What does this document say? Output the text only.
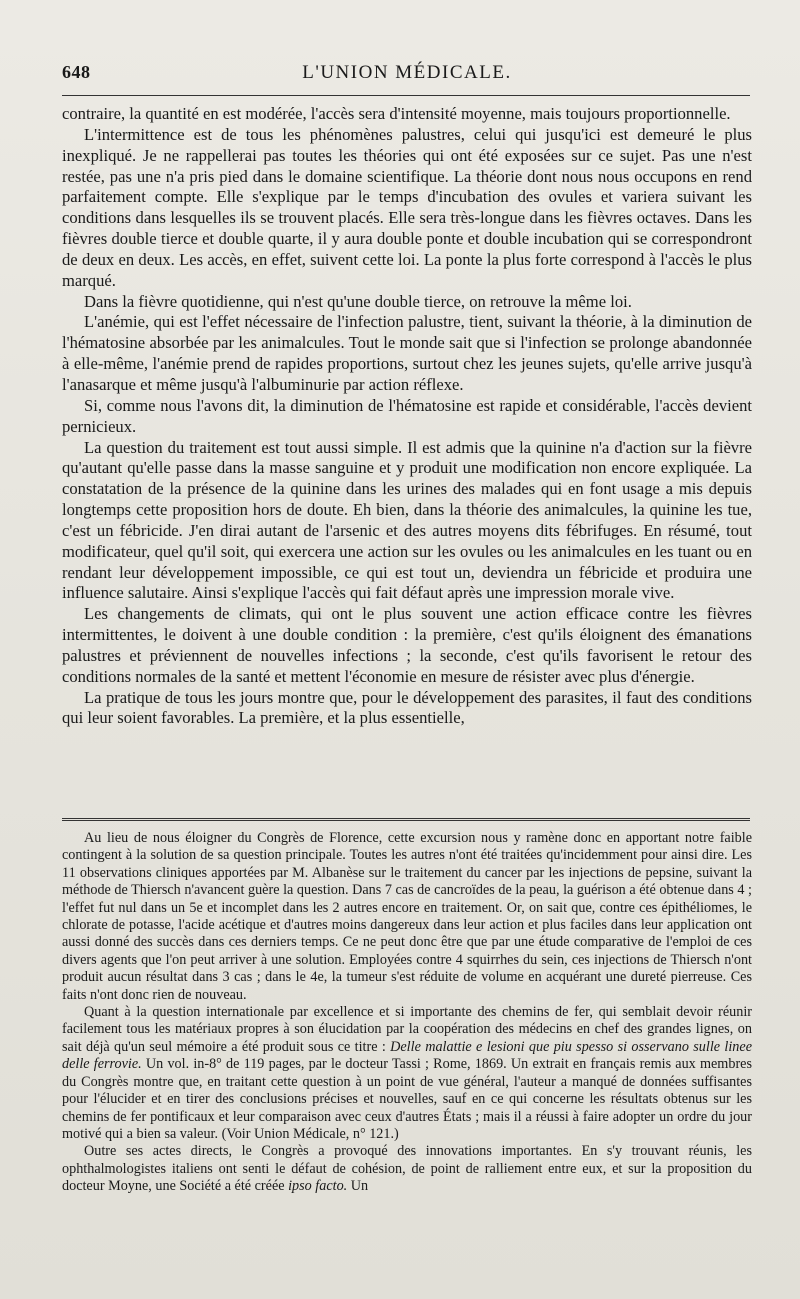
648	L'UNION MÉDICALE.

contraire, la quantité en est modérée, l'accès sera d'intensité moyenne, mais toujours proportionnelle.

L'intermittence est de tous les phénomènes palustres, celui qui jusqu'ici est demeuré le plus inexpliqué. Je ne rappellerai pas toutes les théories qui ont été exposées sur ce sujet. Pas une n'est restée, pas une n'a pris pied dans le domaine scientifique. La théorie dont nous nous occupons en rend parfaitement compte. Elle s'explique par le temps d'incubation des ovules et variera suivant les conditions dans lesquelles ils se trouvent placés. Elle sera très-longue dans les fièvres octaves. Dans les fièvres double tierce et double quarte, il y aura double ponte et double incubation qui se correspondront de deux en deux. Les accès, en effet, suivent cette loi. La ponte la plus forte correspond à l'accès le plus marqué.

Dans la fièvre quotidienne, qui n'est qu'une double tierce, on retrouve la même loi.

L'anémie, qui est l'effet nécessaire de l'infection palustre, tient, suivant la théorie, à la diminution de l'hématosine absorbée par les animalcules. Tout le monde sait que si l'infection se prolonge abandonnée à elle-même, l'anémie prend de rapides proportions, surtout chez les jeunes sujets, qu'elle arrive jusqu'à l'anasarque et même jusqu'à l'albuminurie par action réflexe.

Si, comme nous l'avons dit, la diminution de l'hématosine est rapide et considérable, l'accès devient pernicieux.

La question du traitement est tout aussi simple. Il est admis que la quinine n'a d'action sur la fièvre qu'autant qu'elle passe dans la masse sanguine et y produit une modification non encore expliquée. La constatation de la présence de la quinine dans les urines des malades qui en font usage a mis depuis longtemps cette proposition hors de doute. Eh bien, dans la théorie des animalcules, la quinine les tue, c'est un fébricide. J'en dirai autant de l'arsenic et des autres moyens dits fébrifuges. En résumé, tout modificateur, quel qu'il soit, qui exercera une action sur les ovules ou les animalcules en les tuant ou en rendant leur développement impossible, ce qui est tout un, deviendra un fébricide et produira une influence salutaire. Ainsi s'explique l'accès qui fait défaut après une impression morale vive.

Les changements de climats, qui ont le plus souvent une action efficace contre les fièvres intermittentes, le doivent à une double condition : la première, c'est qu'ils éloignent des émanations palustres et préviennent de nouvelles infections ; la seconde, c'est qu'ils favorisent le retour des conditions normales de la santé et mettent l'économie en mesure de résister avec plus d'énergie.

La pratique de tous les jours montre que, pour le développement des parasites, il faut des conditions qui leur soient favorables. La première, et la plus essentielle,

Au lieu de nous éloigner du Congrès de Florence, cette excursion nous y ramène donc en apportant notre faible contingent à la solution de sa question principale. Toutes les autres n'ont été traitées qu'incidemment pour ainsi dire. Les 11 observations cliniques apportées par M. Albanèse sur le traitement du cancer par les injections de pepsine, suivant la méthode de Thiersch n'avancent guère la question. Dans 7 cas de cancroïdes de la peau, la guérison a été obtenue dans 4 ; l'effet fut nul dans un 5e et incomplet dans les 2 autres encore en traitement. Or, on sait que, contre ces épithéliomes, le chlorate de potasse, l'acide acétique et d'autres moins dangereux dans leur action et plus faciles dans leur application ont aussi donné des succès dans ces derniers temps. Ce ne peut donc être que par une étude comparative de l'emploi de ces divers agents que l'on peut arriver à une solution. Employées contre 4 squirrhes du sein, ces injections de Thiersch n'ont produit aucun résultat dans 3 cas ; dans le 4e, la tumeur s'est réduite de volume en acquérant une dureté pierreuse. Ces faits n'ont donc rien de nouveau.

Quant à la question internationale par excellence et si importante des chemins de fer, qui semblait devoir réunir facilement tous les matériaux propres à son élucidation par la coopération des médecins en chef des grandes lignes, on sait déjà qu'un seul mémoire a été produit sous ce titre : Delle malattie e lesioni que piu spesso si osservano sulle linee delle ferrovie. Un vol. in-8° de 119 pages, par le docteur Tassi ; Rome, 1869. Un extrait en français remis aux membres du Congrès montre que, en traitant cette question à un point de vue général, l'auteur a manqué de données suffisantes pour l'élucider et en tirer des conclusions précises et nouvelles, sauf en ce qui concerne les résultats obtenus sur les chemins de fer pontificaux et leur comparaison avec ceux d'autres États ; mais il a réussi à faire adopter un ordre du jour motivé qui a bien sa valeur. (Voir Union Médicale, n° 121.)

Outre ses actes directs, le Congrès a provoqué des innovations importantes. En s'y trouvant réunis, les ophthalmologistes italiens ont senti le défaut de cohésion, de point de ralliement entre eux, et sur la proposition du docteur Moyne, une Société a été créée ipso facto. Un
